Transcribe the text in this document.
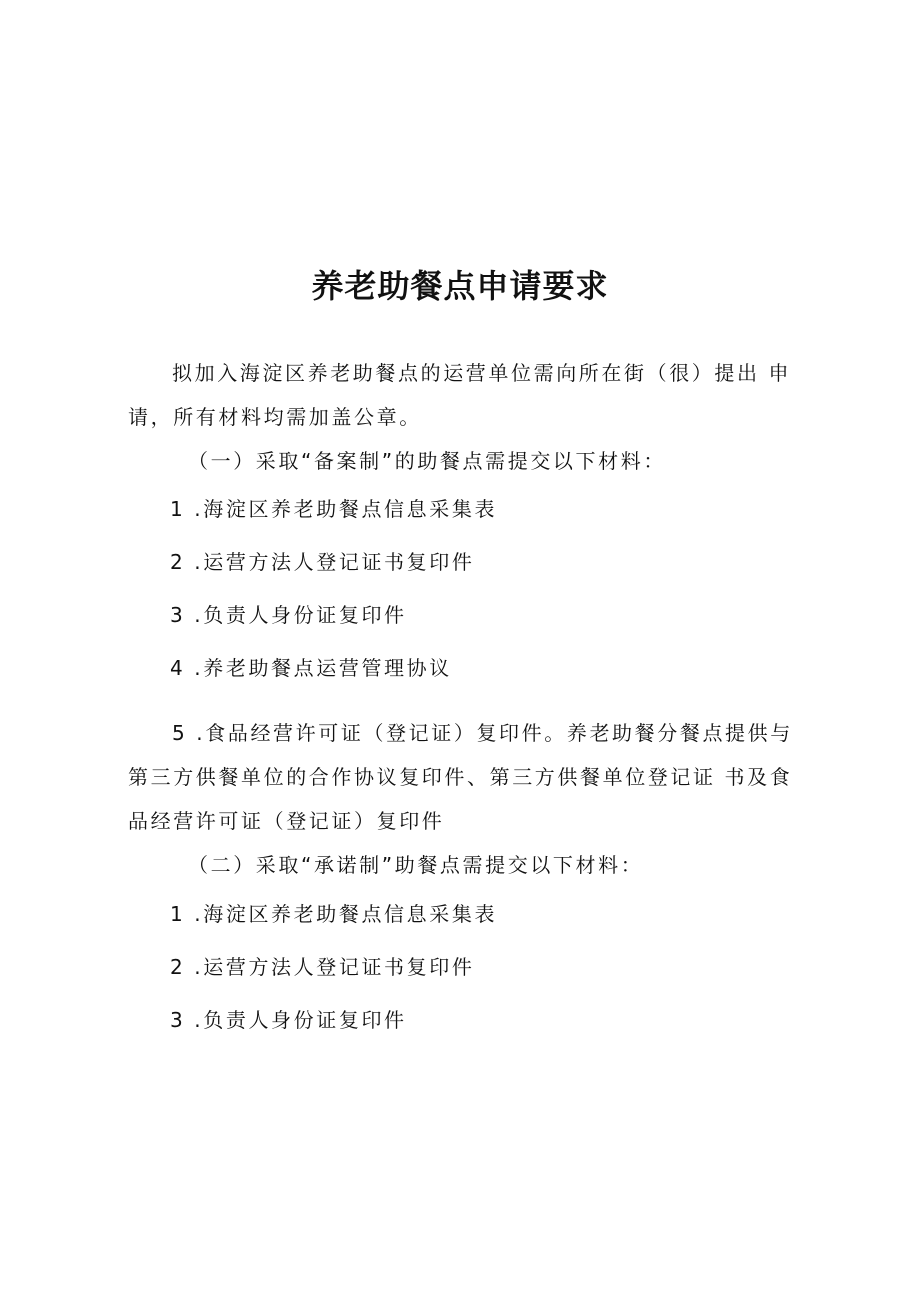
养老助餐点申请要求

拟加入海淀区养老助餐点的运营单位需向所在街（很）提出 申请，所有材料均需加盖公章。

（一）采取“备案制”的助餐点需提交以下材料：
1 .海淀区养老助餐点信息采集表
2 .运营方法人登记证书复印件
3 .负责人身份证复印件
4 .养老助餐点运营管理协议

5 .食品经营许可证（登记证）复印件。养老助餐分餐点提供与第三方供餐单位的合作协议复印件、第三方供餐单位登记证 书及食品经营许可证（登记证）复印件

（二）采取“承诺制”助餐点需提交以下材料：
1 .海淀区养老助餐点信息采集表
2 .运营方法人登记证书复印件
3 .负责人身份证复印件
